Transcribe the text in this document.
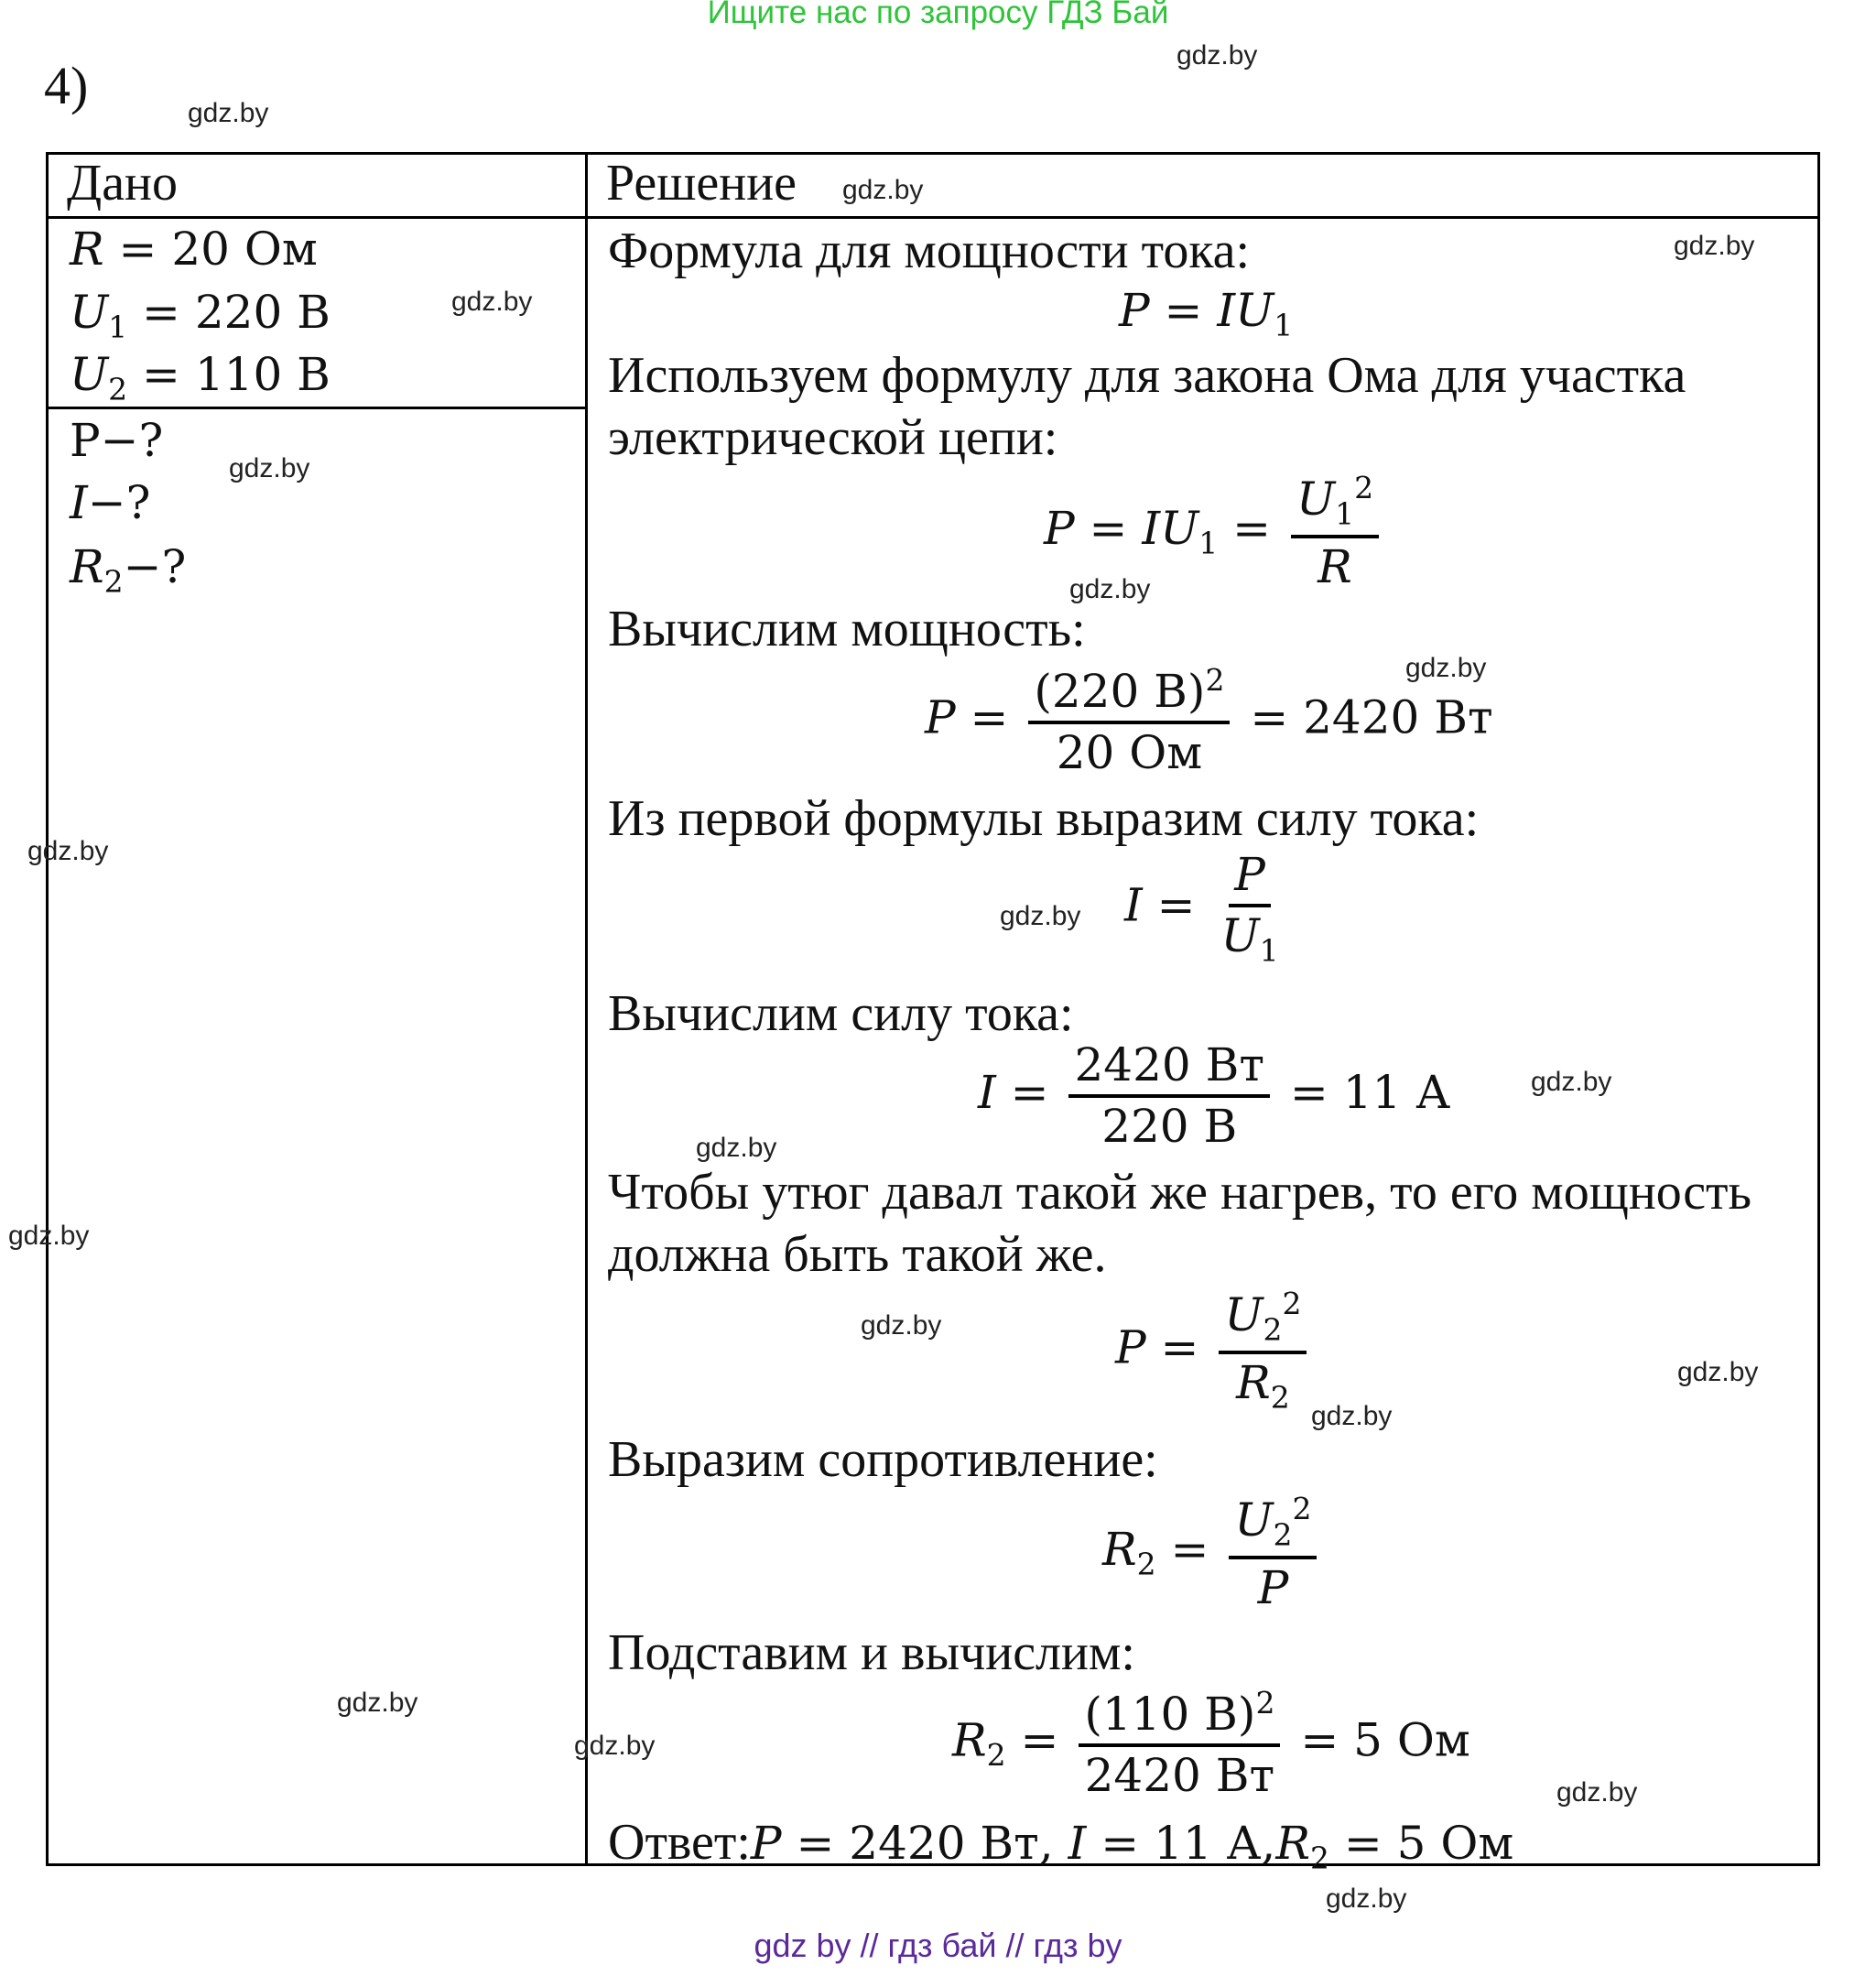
Ищите нас по запросу ГДЗ Бай
4)
Дано	Решение
R = 20 Ом
$U_1 = 220$ В
$U_2 = 110$ В
P−?
I−?
$R_2-$?
Формула для мощности тока:
$P = IU_1$
Используем формулу для закона Ома для участка
электрической цепи:
$P = IU_1 = \frac{U_1^2}{R}$
Вычислим мощность:
$P = \frac{(220 В)^2}{20 Ом} = 2420$ Вт
Из первой формулы выразим силу тока:
$I = \frac{P}{U_1}$
Вычислим силу тока:
$I = \frac{2420 Вт}{220 В} = 11$ А
Чтобы утюг давал такой же нагрев, то его мощность
должна быть такой же.
$P = \frac{U_2^2}{R_2}$
Выразим сопротивление:
$R_2 = \frac{U_2^2}{P}$
Подставим и вычислим:
$R_2 = \frac{(110 В)^2}{2420 Вт} = 5$ Ом
Ответ:P = 2420 Вт, I = 11 $А,R_2 = 5$ Ом
gdz.by
gdz.by
gdz.by
gdz.by
gdz.by
gdz.by
gdz.by
gdz.by
gdz.by
gdz.by
gdz.by
gdz.by
gdz.by
gdz.by
gdz.by
gdz.by
gdz.by
gdz.by
gdz.by
gdz.by
gdz by // гдз бай // гдз by
